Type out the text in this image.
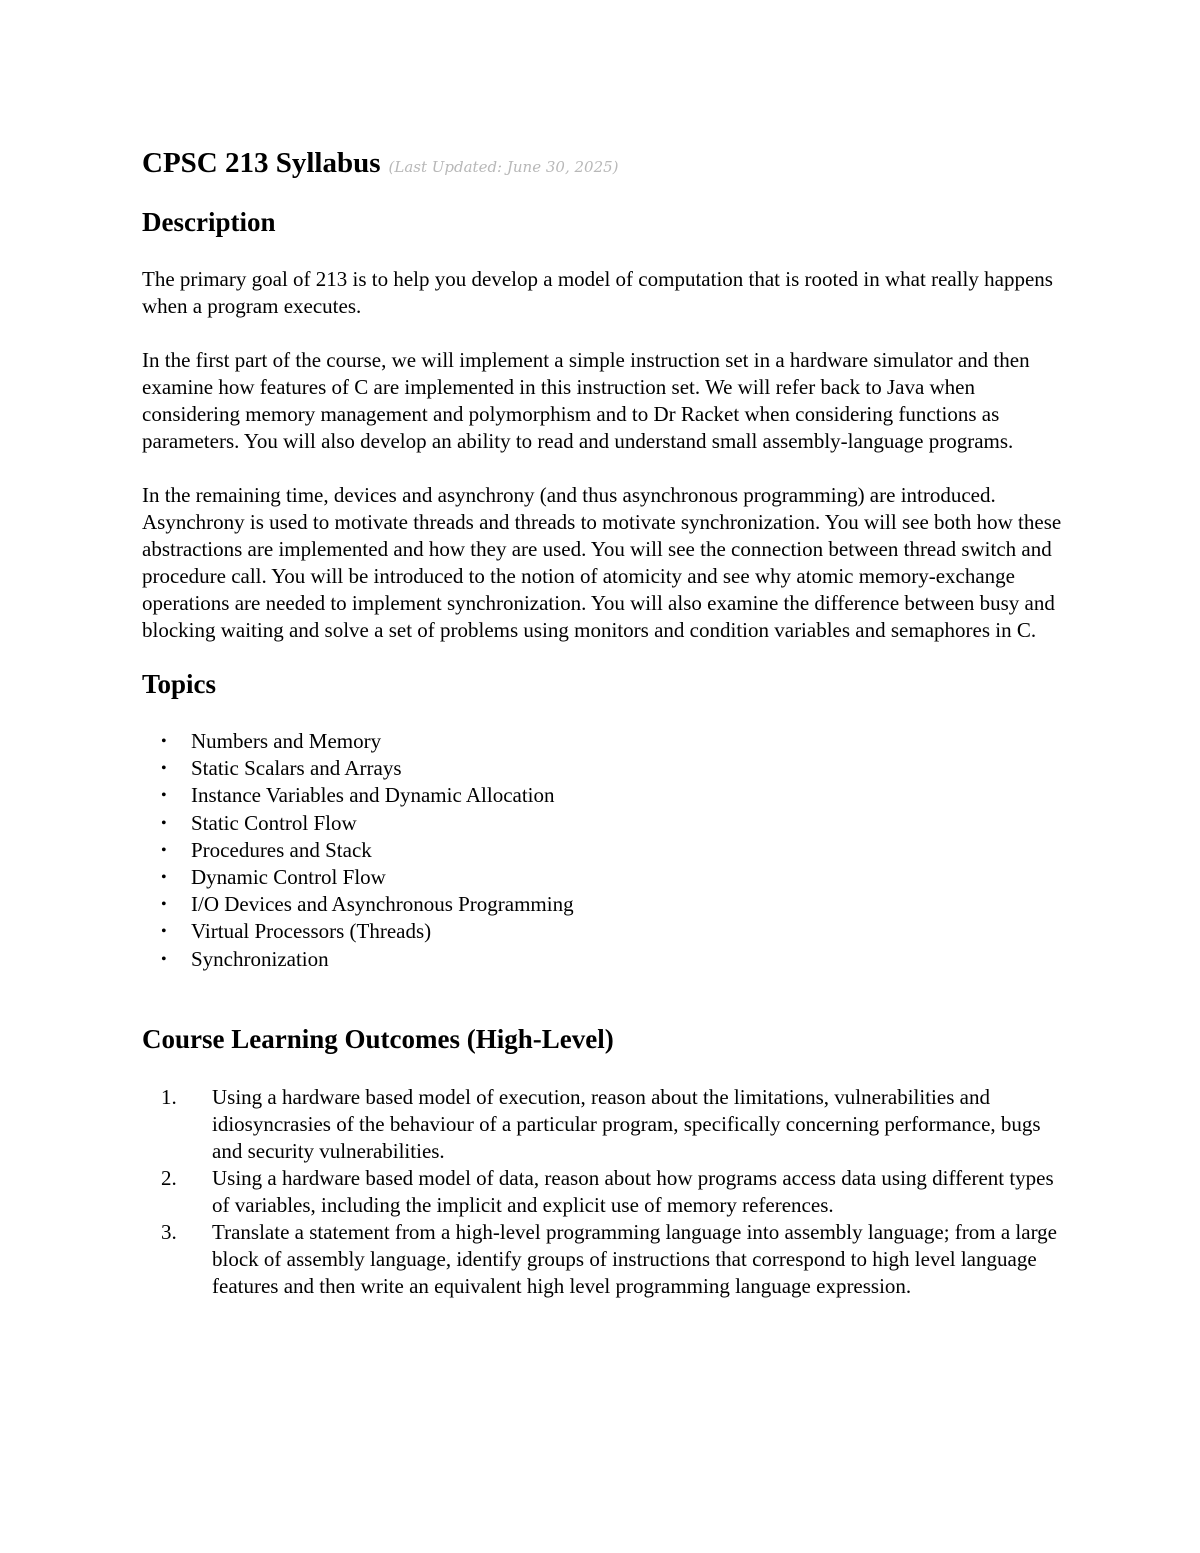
CPSC 213 Syllabus (Last Updated: June 30, 2025)
Description

The primary goal of 213 is to help you develop a model of computation that is rooted in what really happens when a program executes.

In the first part of the course, we will implement a simple instruction set in a hardware simulator and then examine how features of C are implemented in this instruction set. We will refer back to Java when considering memory management and polymorphism and to Dr Racket when considering functions as parameters. You will also develop an ability to read and understand small assembly-language programs.

In the remaining time, devices and asynchrony (and thus asynchronous programming) are introduced. Asynchrony is used to motivate threads and threads to motivate synchronization. You will see both how these abstractions are implemented and how they are used. You will see the connection between thread switch and procedure call. You will be introduced to the notion of atomicity and see why atomic memory-exchange operations are needed to implement synchronization. You will also examine the difference between busy and blocking waiting and solve a set of problems using monitors and condition variables and semaphores in C.

Topics
• Numbers and Memory
• Static Scalars and Arrays
• Instance Variables and Dynamic Allocation
• Static Control Flow
• Procedures and Stack
• Dynamic Control Flow
• I/O Devices and Asynchronous Programming
• Virtual Processors (Threads)
• Synchronization
Course Learning Outcomes (High-Level)
1. Using a hardware based model of execution, reason about the limitations, vulnerabilities and idiosyncrasies of the behaviour of a particular program, specifically concerning performance, bugs and security vulnerabilities.
2. Using a hardware based model of data, reason about how programs access data using different types of variables, including the implicit and explicit use of memory references.
3. Translate a statement from a high-level programming language into assembly language; from a large block of assembly language, identify groups of instructions that correspond to high level language features and then write an equivalent high level programming language expression.
